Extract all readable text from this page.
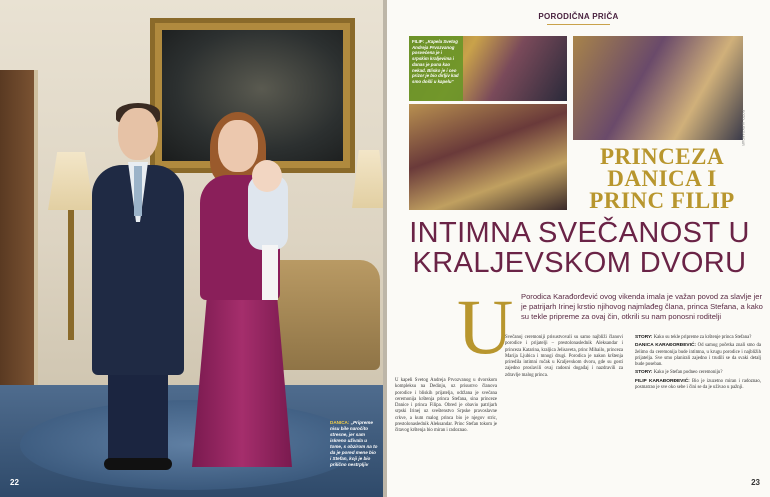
DANICA: „Pripreme nisu bile naročito stresne, jer sam iskreno uživala u tome, s obzirom na to da je pored mene bio i Stefan, koji je bio prilično nestrpljiv
22
PORODIČNA PRIČA
FILIP: „Kapela Svetog Andreja Prvozvanog posvećena je i srpskim kraljevima i danas je puna kao nekad. Blisko je i ceo prizor je bio dirljiv kad smo došli u kapelu“
FOTO: ALEKSANDAR
PRINCEZA
DANICA I
PRINC FILIP
INTIMNA SVEČANOST U
KRALJEVSKOM DVORU
U Porodica Karađorđević ovog vikenda imala je važan povod za slavlje jer je patrijarh Irinej krstio njihovog najmlađeg člana, princa Stefana, a kako su tekle pripreme za ovaj čin, otkrili su nam ponosni roditelji

U kapeli Svetog Andreja Prvozvanog u dvorskom kompleksu na Dedinju, uz prisustvo članova porodice i bliskih prijatelja, održana je svečana ceremonija krštenja princa Stefana, sina princeze Danice i princa Filipa. Obred je obavio patrijarh srpski Irinej uz sveštenstvo Srpske pravoslavne crkve, a kum malog princa bio je njegov stric, prestolonaslednik Aleksandar. Princ Stefan tokom je čitavog krštenja bio miran i radoznao.

Svečanoj ceremoniji prisustvovali su samo najbliži članovi porodice i prijatelji – prestolonaslednik Aleksandar i princeza Katarina, kraljica Jelisaveta, princ Mihailo, princeza Marija Ljubica i mnogi drugi. Porodica je nakon krštenja priredila intimni ručak u Kraljevskom dvoru, gde su gosti zajedno proslavili ovaj radosni događaj i nazdravili za zdravlje malog princa.

STORY: Kako su tekle pripreme za krštenje princa Stefana?

DANICA KARAĐORĐEVIĆ: Od samog početka znali smo da želimo da ceremonija bude intimna, u krugu porodice i najbližih prijatelja. Sve smo planirali zajedno i trudili se da svaki detalj bude poseban.

STORY: Kako je Stefan podneo ceremoniju?

FILIP KARAĐORĐEVIĆ: Bio je izuzetno miran i radoznao, posmatrao je sve oko sebe i čini se da je uživao u pažnji.

23
